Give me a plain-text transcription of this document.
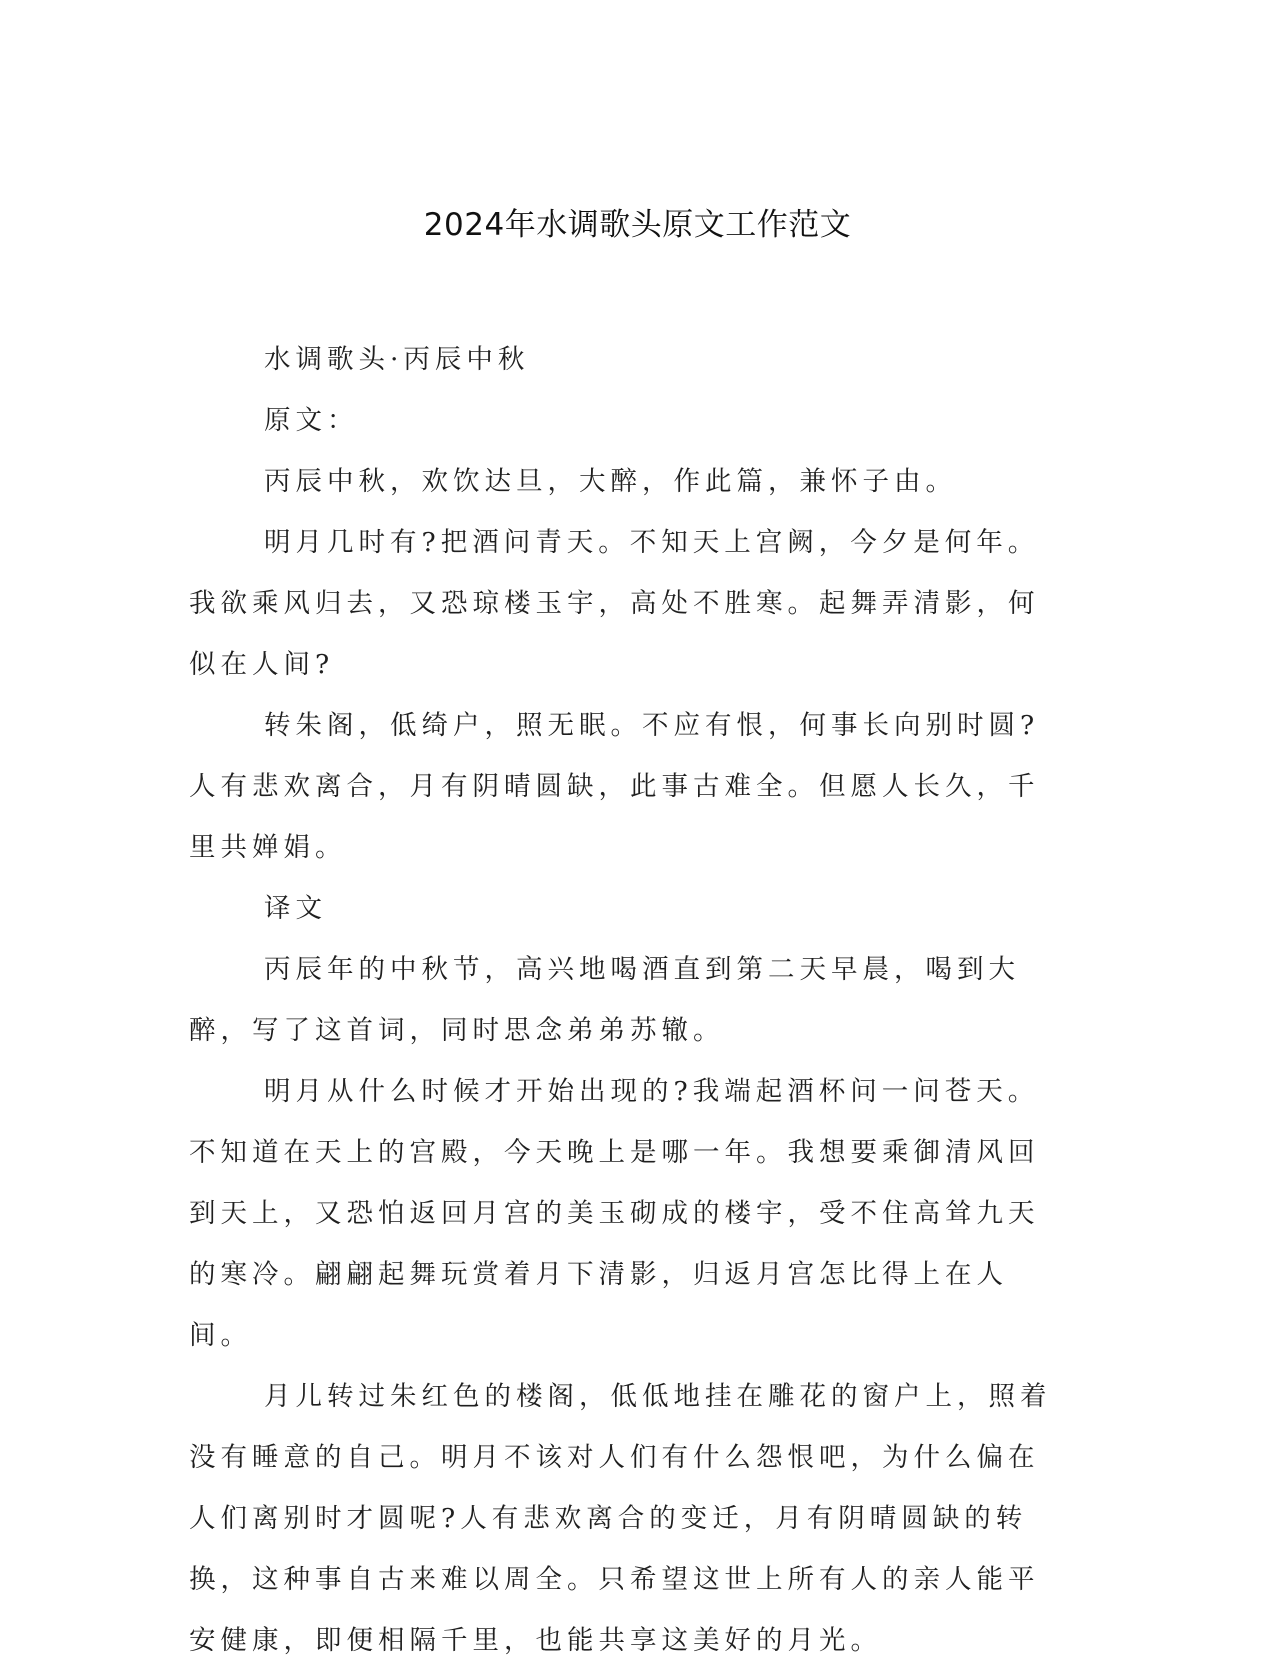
2024年水调歌头原文工作范文

水调歌头·丙辰中秋

原文：

丙辰中秋，欢饮达旦，大醉，作此篇，兼怀子由。

明月几时有?把酒问青天。不知天上宫阙，今夕是何年。我欲乘风归去，又恐琼楼玉宇，高处不胜寒。起舞弄清影，何似在人间?

转朱阁，低绮户，照无眠。不应有恨，何事长向别时圆?人有悲欢离合，月有阴晴圆缺，此事古难全。但愿人长久，千里共婵娟。

译文

丙辰年的中秋节，高兴地喝酒直到第二天早晨，喝到大醉，写了这首词，同时思念弟弟苏辙。

明月从什么时候才开始出现的?我端起酒杯问一问苍天。不知道在天上的宫殿，今天晚上是哪一年。我想要乘御清风回到天上，又恐怕返回月宫的美玉砌成的楼宇，受不住高耸九天的寒冷。翩翩起舞玩赏着月下清影，归返月宫怎比得上在人间。

月儿转过朱红色的楼阁，低低地挂在雕花的窗户上，照着没有睡意的自己。明月不该对人们有什么怨恨吧，为什么偏在人们离别时才圆呢?人有悲欢离合的变迁，月有阴晴圆缺的转换，这种事自古来难以周全。只希望这世上所有人的亲人能平安健康，即便相隔千里，也能共享这美好的月光。
